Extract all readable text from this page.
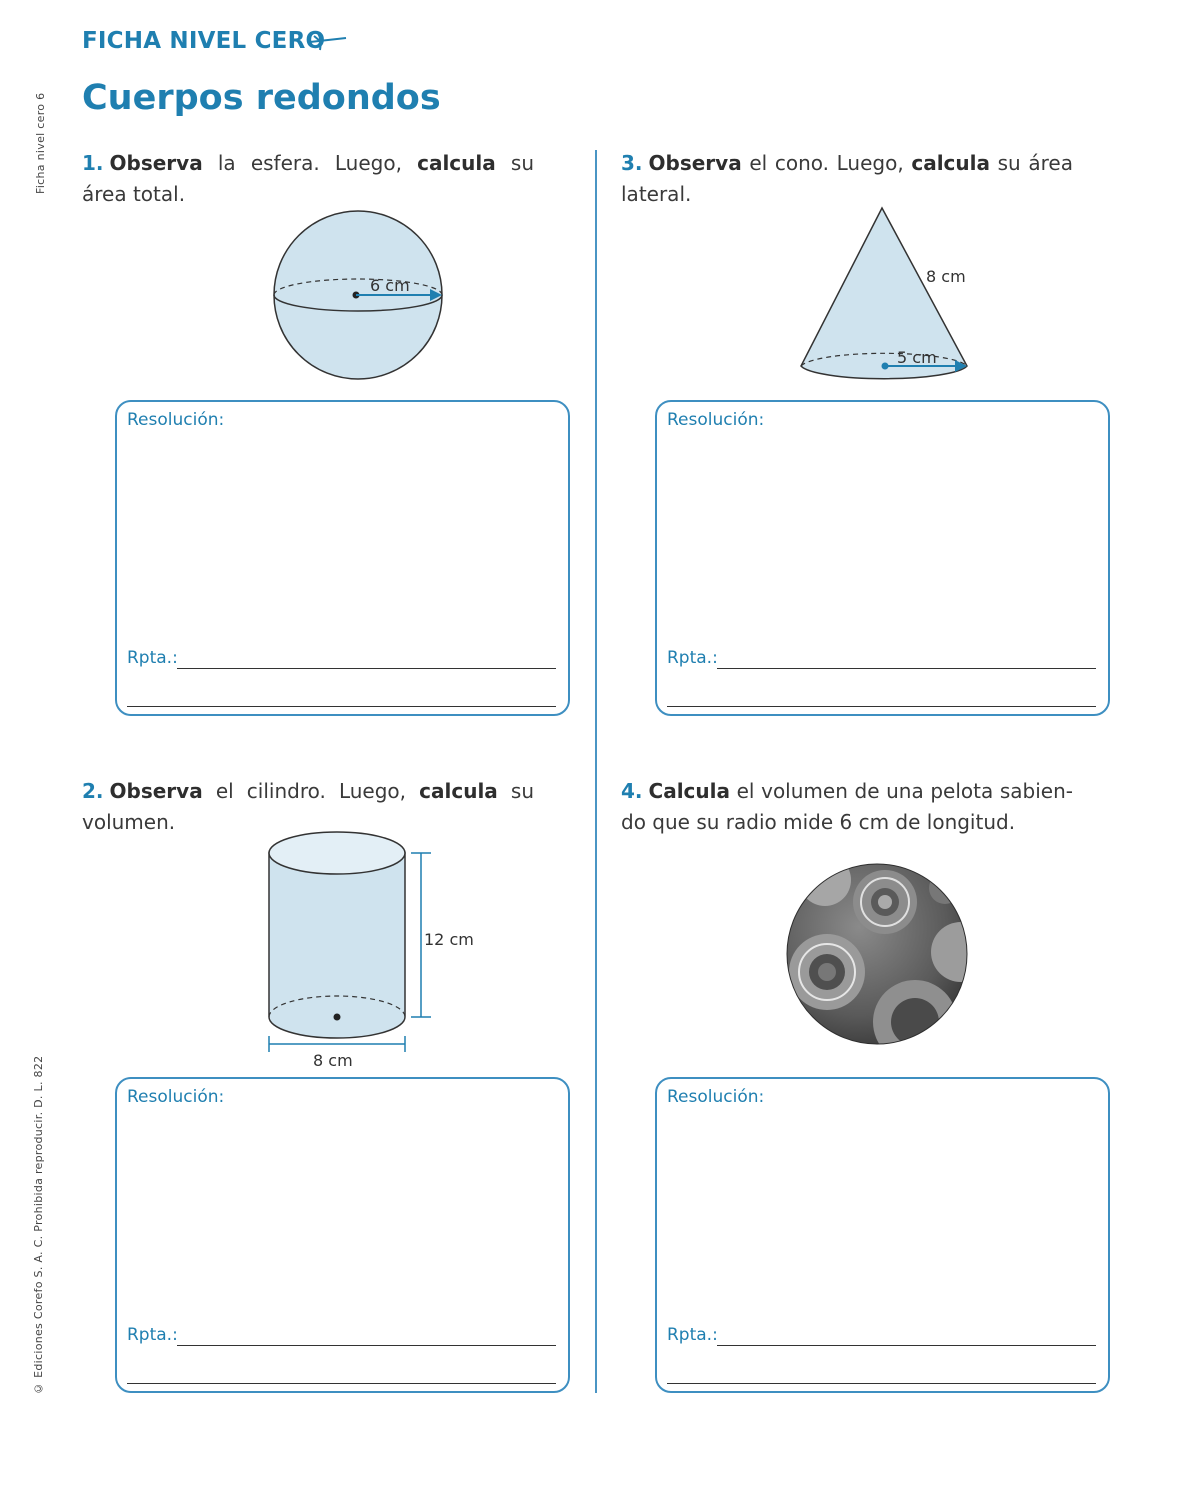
FICHA NIVEL CERO
Cuerpos redondos
Ficha nivel cero 6
© Ediciones Corefo S. A. C. Prohibida reproducir. D. L. 822
1. Observa la esfera. Luego, calcula su área total.
6 cm
Resolución:
Rpta.:
2. Observa el cilindro. Luego, calcula su volumen.
12 cm
8 cm
Resolución:
Rpta.:
3. Observa el cono. Luego, calcula su área lateral.
8 cm
5 cm
Resolución:
Rpta.:
4. Calcula el volumen de una pelota sabien-do que su radio mide 6 cm de longitud.
Resolución:
Rpta.:
